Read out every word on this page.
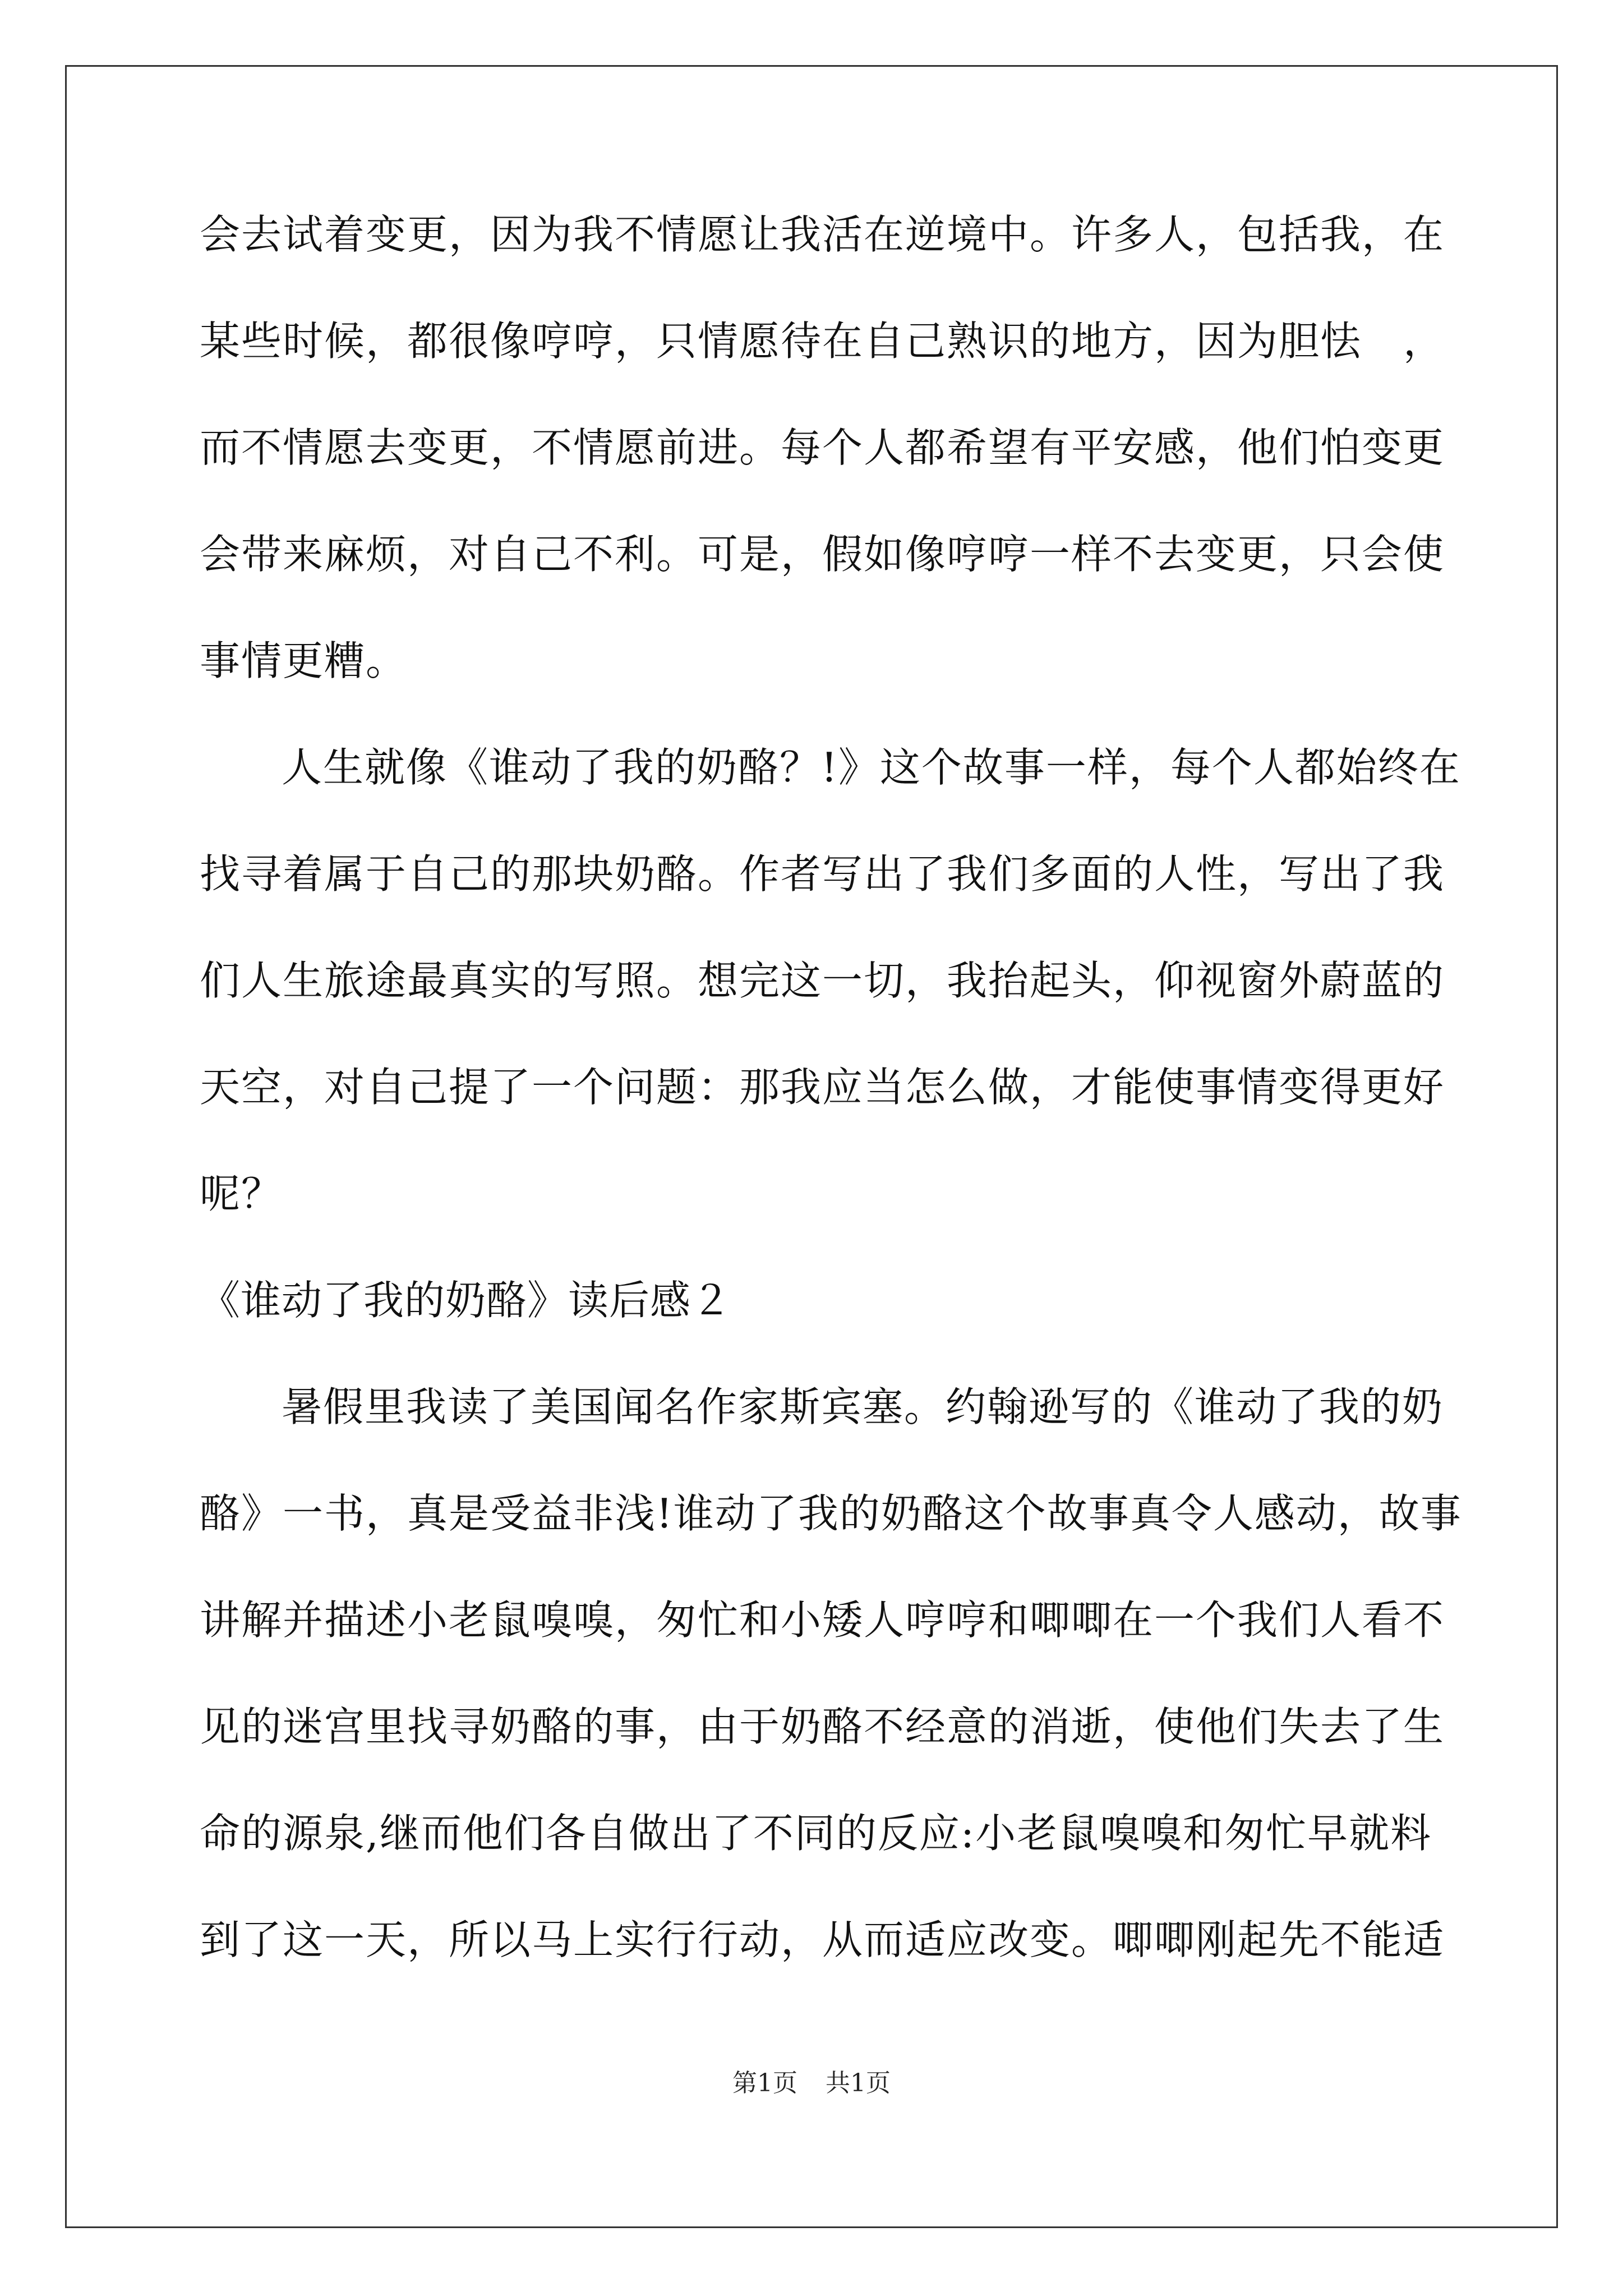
会去试着变更，因为我不情愿让我活在逆境中。许多人，包括我，在
某些时候，都很像哼哼，只情愿待在自己熟识的地方，因为胆怯　，
而不情愿去变更，不情愿前进。每个人都希望有平安感，他们怕变更
会带来麻烦，对自己不利。可是，假如像哼哼一样不去变更，只会使
事情更糟。
人生就像《谁动了我的奶酪？!》这个故事一样，每个人都始终在
找寻着属于自己的那块奶酪。作者写出了我们多面的人性，写出了我
们人生旅途最真实的写照。想完这一切，我抬起头，仰视窗外蔚蓝的
天空，对自己提了一个问题：那我应当怎么做，才能使事情变得更好
呢？
《谁动了我的奶酪》读后感２
暑假里我读了美国闻名作家斯宾塞。约翰逊写的《谁动了我的奶
酪》一书，真是受益非浅!谁动了我的奶酪这个故事真令人感动，故事
讲解并描述小老鼠嗅嗅，匆忙和小矮人哼哼和唧唧在一个我们人看不
见的迷宫里找寻奶酪的事，由于奶酪不经意的消逝，使他们失去了生
命的源泉,继而他们各自做出了不同的反应:小老鼠嗅嗅和匆忙早就料
到了这一天，所以马上实行行动，从而适应改变。唧唧刚起先不能适
第1页 共1页
